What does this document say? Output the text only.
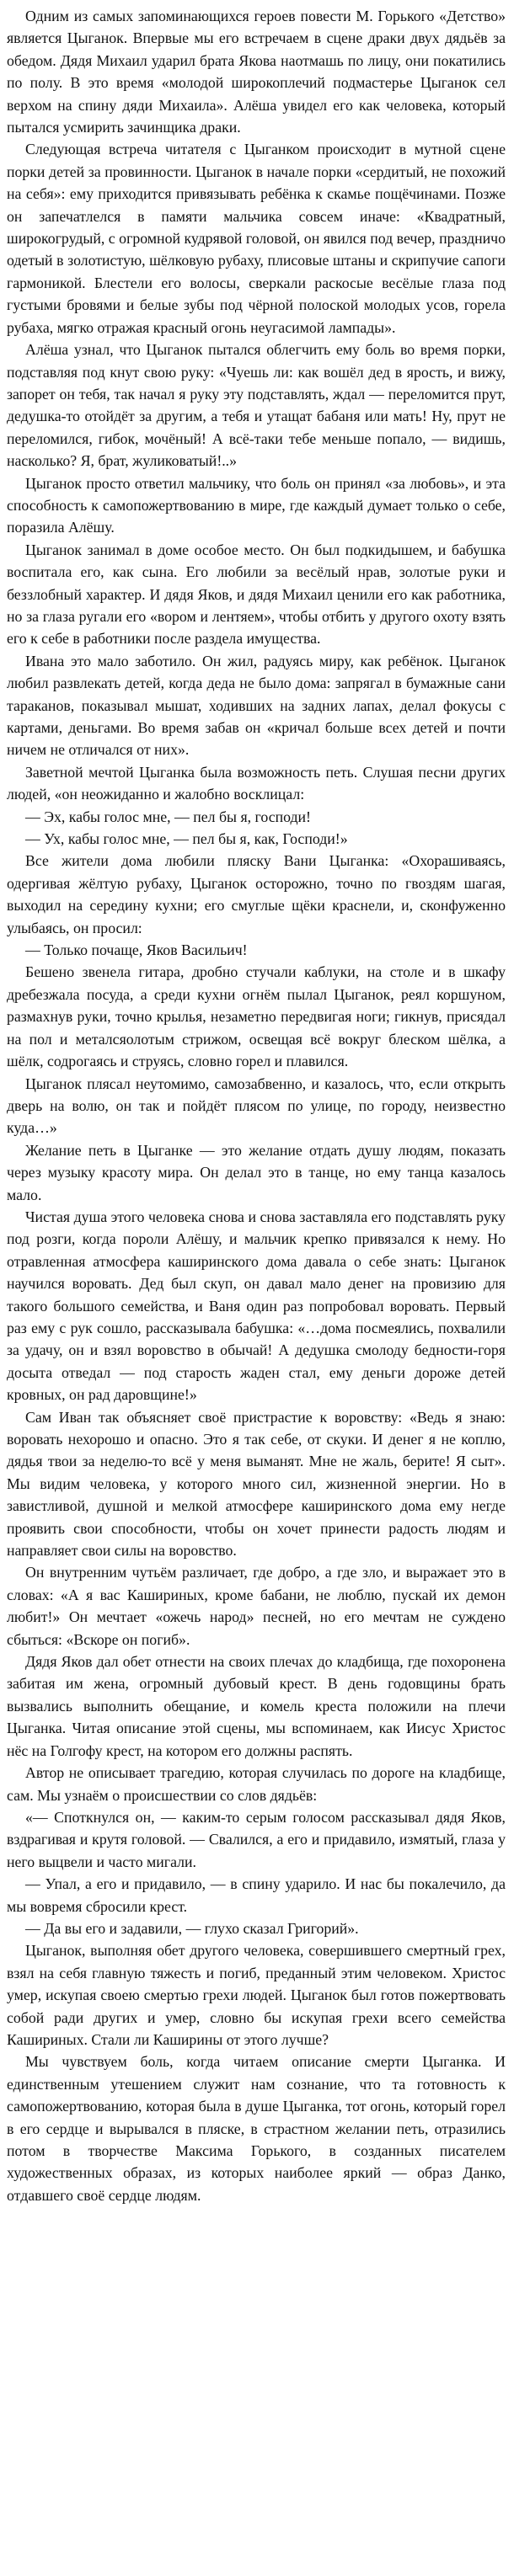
Одним из самых запоминающихся героев повести М. Горького «Детство» является Цыганок. Впервые мы его встречаем в сцене драки двух дядьёв за обедом. Дядя Михаил ударил брата Якова наотмашь по лицу, они покатились по полу. В это время «молодой широкоплечий подмастерье Цыганок сел верхом на спину дяди Михаила». Алёша увидел его как человека, который пытался усмирить зачинщика драки.

Следующая встреча читателя с Цыганком происходит в мутной сцене порки детей за провинности. Цыганок в начале порки «сердитый, не похожий на себя»: ему приходится привязывать ребёнка к скамье пощёчинами. Позже он запечатлелся в памяти мальчика совсем иначе: «Квадратный, широкогрудый, с огромной кудрявой головой, он явился под вечер, праздничо одетый в золотистую, шёлковую рубаху, плисовые штаны и скрипучие сапоги гармоникой. Блестели его волосы, сверкали раскосые весёлые глаза под густыми бровями и белые зубы под чёрной полоской молодых усов, горела рубаха, мягко отражая красный огонь неугасимой лампады».

Алёша узнал, что Цыганок пытался облегчить ему боль во время порки, подставляя под кнут свою руку: «Чуешь ли: как вошёл дед в ярость, и вижу, запорет он тебя, так начал я руку эту подставлять, ждал — переломится прут, дедушка-то отойдёт за другим, а тебя и утащат бабаня или мать! Ну, прут не переломился, гибок, мочёный! А всё-таки тебе меньше попало, — видишь, насколько? Я, брат, жуликоватый!..»

Цыганок просто ответил мальчику, что боль он принял «за любовь», и эта способность к самопожертвованию в мире, где каждый думает только о себе, поразила Алёшу.

Цыганок занимал в доме особое место. Он был подкидышем, и бабушка воспитала его, как сына. Его любили за весёлый нрав, золотые руки и беззлобный характер. И дядя Яков, и дядя Михаил ценили его как работника, но за глаза ругали его «вором и лентяем», чтобы отбить у другого охоту взять его к себе в работники после раздела имущества.

Ивана это мало заботило. Он жил, радуясь миру, как ребёнок. Цыганок любил развлекать детей, когда деда не было дома: запрягал в бумажные сани тараканов, показывал мышат, ходивших на задних лапах, делал фокусы с картами, деньгами. Во время забав он «кричал больше всех детей и почти ничем не отличался от них».

Заветной мечтой Цыганка была возможность петь. Слушая песни других людей, «он неожиданно и жалобно восклицал:

— Эх, кабы голос мне, — пел бы я, господи!

— Ух, кабы голос мне, — пел бы я, как, Господи!»

Все жители дома любили пляску Вани Цыганка: «Охорашиваясь, одергивая жёлтую рубаху, Цыганок осторожно, точно по гвоздям шагая, выходил на середину кухни; его смуглые щёки краснели, и, сконфуженно улыбаясь, он просил:

— Только почаще, Яков Васильич!

Бешено звенела гитара, дробно стучали каблуки, на столе и в шкафу дребезжала посуда, а среди кухни огнём пылал Цыганок, реял коршуном, размахнув руки, точно крылья, незаметно передвигая ноги; гикнув, присядал на пол и металсяолотым стрижом, освещая всё вокруг блеском шёлка, а шёлк, содрогаясь и струясь, словно горел и плавился.

Цыганок плясал неутомимо, самозабвенно, и казалось, что, если открыть дверь на волю, он так и пойдёт плясом по улице, по городу, неизвестно куда…»

Желание петь в Цыганке — это желание отдать душу людям, показать через музыку красоту мира. Он делал это в танце, но ему танца казалось мало.

Чистая душа этого человека снова и снова заставляла его подставлять руку под розги, когда пороли Алёшу, и мальчик крепко привязался к нему. Но отравленная атмосфера каширинского дома давала о себе знать: Цыганок научился воровать. Дед был скуп, он давал мало денег на провизию для такого большого семейства, и Ваня один раз попробовал воровать. Первый раз ему с рук сошло, рассказывала бабушка: «…дома посмеялись, похвалили за удачу, он и взял воровство в обычай! А дедушка смолоду бедности-горя досыта отведал — под старость жаден стал, ему деньги дороже детей кровных, он рад даровщине!»

Сам Иван так объясняет своё пристрастие к воровству: «Ведь я знаю: воровать нехорошо и опасно. Это я так себе, от скуки. И денег я не коплю, дядья твои за неделю-то всё у меня выманят. Мне не жаль, берите! Я сыт». Мы видим человека, у которого много сил, жизненной энергии. Но в завистливой, душной и мелкой атмосфере каширинского дома ему негде проявить свои способности, чтобы он хочет принести радость людям и направляет свои силы на воровство.

Он внутренним чутьём различает, где добро, а где зло, и выражает это в словах: «А я вас Кашириных, кроме бабани, не люблю, пускай их демон любит!» Он мечтает «ожечь народ» песней, но его мечтам не суждено сбыться: «Вскоре он погиб».

Дядя Яков дал обет отнести на своих плечах до кладбища, где похоронена забитая им жена, огромный дубовый крест. В день годовщины брать вызвались выполнить обещание, и комель креста положили на плечи Цыганка. Читая описание этой сцены, мы вспоминаем, как Иисус Христос нёс на Голгофу крест, на котором его должны распять.

Автор не описывает трагедию, которая случилась по дороге на кладбище, сам. Мы узнаём о происшествии со слов дядьёв:

«— Споткнулся он, — каким-то серым голосом рассказывал дядя Яков, вздрагивая и крутя головой. — Свалился, а его и придавило, измятый, глаза у него выцвели и часто мигали.

— Упал, а его и придавило, — в спину ударило. И нас бы покалечило, да мы вовремя сбросили крест.

— Да вы его и задавили, — глухо сказал Григорий».

Цыганок, выполняя обет другого человека, совершившего смертный грех, взял на себя главную тяжесть и погиб, преданный этим человеком. Христос умер, искупая своею смертью грехи людей. Цыганок был готов пожертвовать собой ради других и умер, словно бы искупая грехи всего семейства Кашириных. Стали ли Каширины от этого лучше?

Мы чувствуем боль, когда читаем описание смерти Цыганка. И единственным утешением служит нам сознание, что та готовность к самопожертвованию, которая была в душе Цыганка, тот огонь, который горел в его сердце и вырывался в пляске, в страстном желании петь, отразились потом в творчестве Максима Горького, в созданных писателем художественных образах, из которых наиболее яркий — образ Данко, отдавшего своё сердце людям.
